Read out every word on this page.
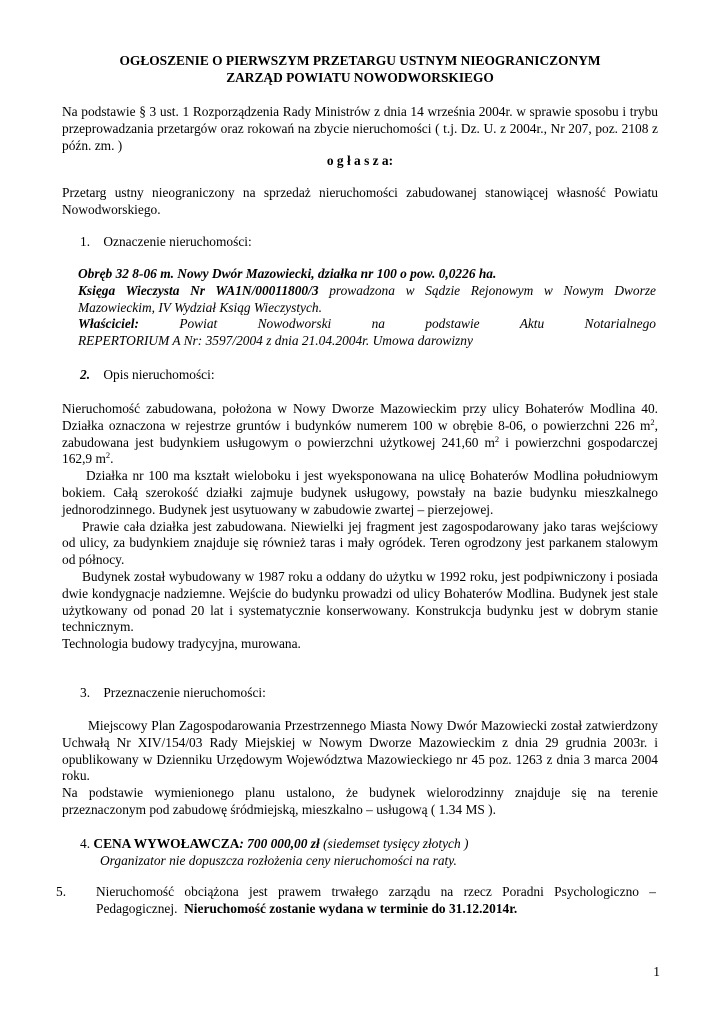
OGŁOSZENIE O PIERWSZYM PRZETARGU USTNYM NIEOGRANICZONYM
ZARZĄD POWIATU NOWODWORSKIEGO

Na podstawie § 3 ust. 1 Rozporządzenia Rady Ministrów z dnia 14 września 2004r. w sprawie sposobu i trybu przeprowadzania przetargów oraz rokowań na zbycie nieruchomości ( t.j. Dz. U. z 2004r., Nr 207, poz. 2108 z późn. zm. )

o g ł a s z a:

Przetarg ustny nieograniczony na sprzedaż nieruchomości zabudowanej stanowiącej własność Powiatu Nowodworskiego.

1. Oznaczenie nieruchomości:

Obręb 32 8-06 m. Nowy Dwór Mazowiecki, działka nr 100 o pow. 0,0226 ha.

Księga Wieczysta Nr WA1N/00011800/3 prowadzona w Sądzie Rejonowym w Nowym Dworze

Mazowieckim, IV Wydział Ksiąg Wieczystych.

Właściciel:	Powiat Nowodworski	na podstawie Aktu Notarialnego

REPERTORIUM A Nr: 3597/2004 z dnia 21.04.2004r. Umowa darowizny

2. Opis nieruchomości:

Nieruchomość zabudowana, położona w Nowy Dworze Mazowieckim przy ulicy Bohaterów Modlina 40. Działka oznaczona w rejestrze gruntów i budynków numerem 100 w obrębie 8-06, o powierzchni 226 $m^2$, zabudowana jest budynkiem usługowym o powierzchni użytkowej 241,60 $m^2$ i powierzchni gospodarczej 162,9 $m^2$.

Działka nr 100 ma kształt wieloboku i jest wyeksponowana na ulicę Bohaterów Modlina południowym bokiem. Całą szerokość działki zajmuje budynek usługowy, powstały na bazie budynku mieszkalnego jednorodzinnego. Budynek jest usytuowany w zabudowie zwartej – pierzejowej.

Prawie cała działka jest zabudowana. Niewielki jej fragment jest zagospodarowany jako taras wejściowy od ulicy, za budynkiem znajduje się również taras i mały ogródek. Teren ogrodzony jest parkanem stalowym od północy.

Budynek został wybudowany w 1987 roku a oddany do użytku w 1992 roku, jest podpiwniczony i posiada dwie kondygnacje nadziemne. Wejście do budynku prowadzi od ulicy Bohaterów Modlina. Budynek jest stale użytkowany od ponad 20 lat i systematycznie konserwowany. Konstrukcja budynku jest w dobrym stanie technicznym.

Technologia budowy tradycyjna, murowana.

3. Przeznaczenie nieruchomości:

Miejscowy Plan Zagospodarowania Przestrzennego Miasta Nowy Dwór Mazowiecki został zatwierdzony Uchwałą Nr XIV/154/03 Rady Miejskiej w Nowym Dworze Mazowieckim z dnia 29 grudnia 2003r. i opublikowany w Dzienniku Urzędowym Województwa Mazowieckiego nr 45 poz. 1263 z dnia 3 marca 2004 roku.

Na podstawie wymienionego planu ustalono, że budynek wielorodzinny znajduje się na terenie przeznaczonym pod zabudowę śródmiejską, mieszkalno – usługową ( 1.34 MS ).

4. CENA WYWOŁAWCZA: 700 000,00 zł (siedemset tysięcy złotych )

Organizator nie dopuszcza rozłożenia ceny nieruchomości na raty.

5. Nieruchomość obciążona jest prawem trwałego zarządu na rzecz Poradni Psychologiczno – Pedagogicznej. Nieruchomość zostanie wydana w terminie do 31.12.2014r.

1
